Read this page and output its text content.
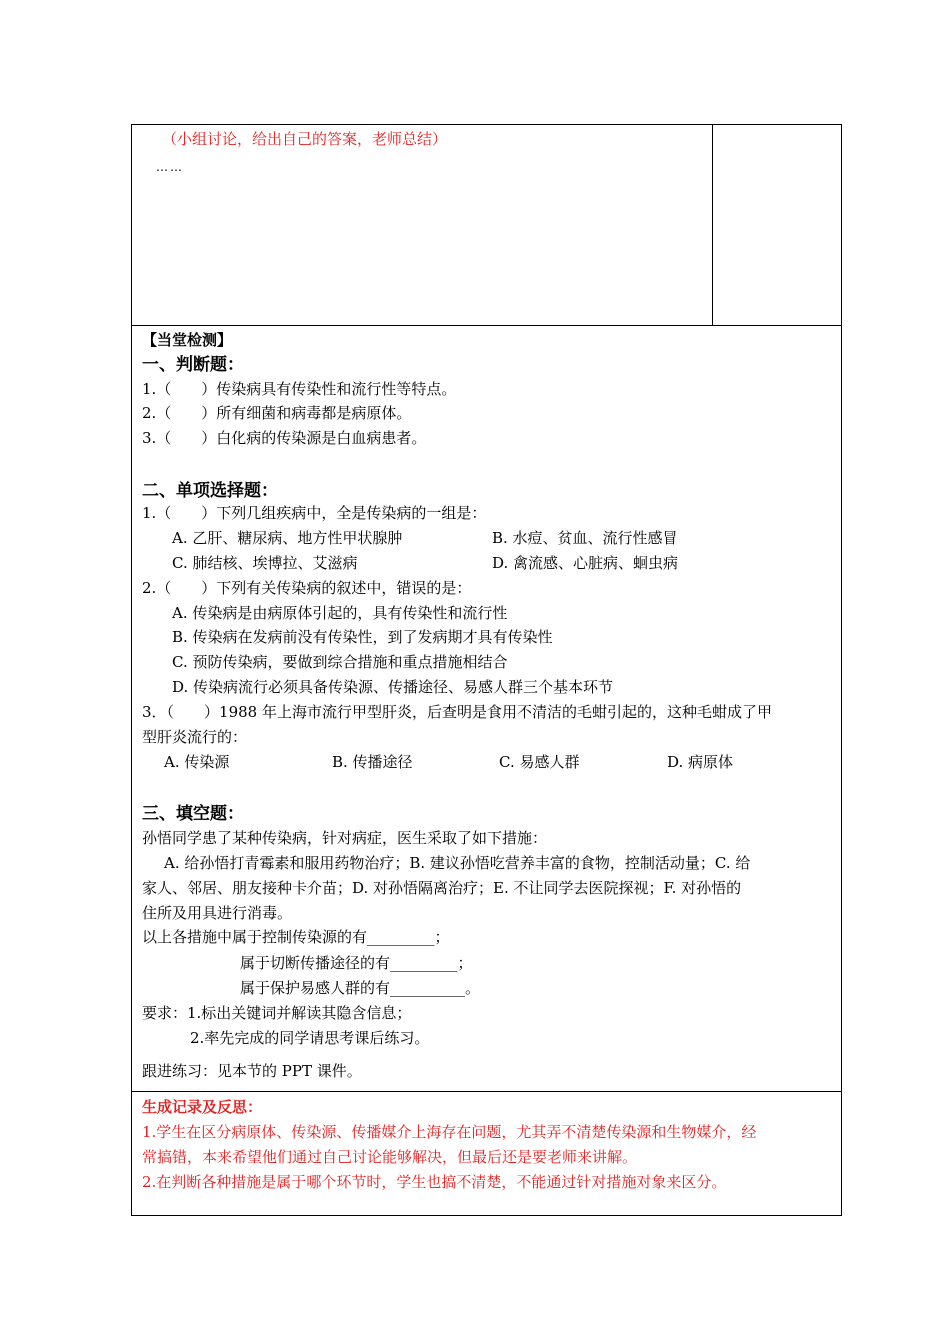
（小组讨论，给出自己的答案，老师总结）
……
【当堂检测】
一、判断题：
1.（　　）传染病具有传染性和流行性等特点。
2.（　　）所有细菌和病毒都是病原体。
3.（　　）白化病的传染源是白血病患者。
二、单项选择题：
1.（　　）下列几组疾病中，全是传染病的一组是：
A. 乙肝、糖尿病、地方性甲状腺肿	B. 水痘、贫血、流行性感冒
C. 肺结核、埃博拉、艾滋病	D. 禽流感、心脏病、蛔虫病
2.（　　）下列有关传染病的叙述中，错误的是：
A. 传染病是由病原体引起的，具有传染性和流行性
B. 传染病在发病前没有传染性，到了发病期才具有传染性
C. 预防传染病，要做到综合措施和重点措施相结合
D. 传染病流行必须具备传染源、传播途径、易感人群三个基本环节
3．（　　）1988 年上海市流行甲型肝炎，后查明是食用不清洁的毛蚶引起的，这种毛蚶成了甲
型肝炎流行的：
A. 传染源	B. 传播途径	C. 易感人群	D. 病原体
三、填空题：
孙悟同学患了某种传染病，针对病症，医生采取了如下措施：
A. 给孙悟打青霉素和服用药物治疗；B. 建议孙悟吃营养丰富的食物，控制活动量；C. 给
家人、邻居、朋友接种卡介苗；D. 对孙悟隔离治疗；E. 不让同学去医院探视；F. 对孙悟的
住所及用具进行消毒。
以上各措施中属于控制传染源的有_________；
属于切断传播途径的有_________；
属于保护易感人群的有__________。
要求：1.标出关键词并解读其隐含信息；
2.率先完成的同学请思考课后练习。
跟进练习：见本节的 PPT 课件。
生成记录及反思：
1.学生在区分病原体、传染源、传播媒介上海存在问题，尤其弄不清楚传染源和生物媒介，经
常搞错，本来希望他们通过自己讨论能够解决，但最后还是要老师来讲解。
2.在判断各种措施是属于哪个环节时，学生也搞不清楚，不能通过针对措施对象来区分。
